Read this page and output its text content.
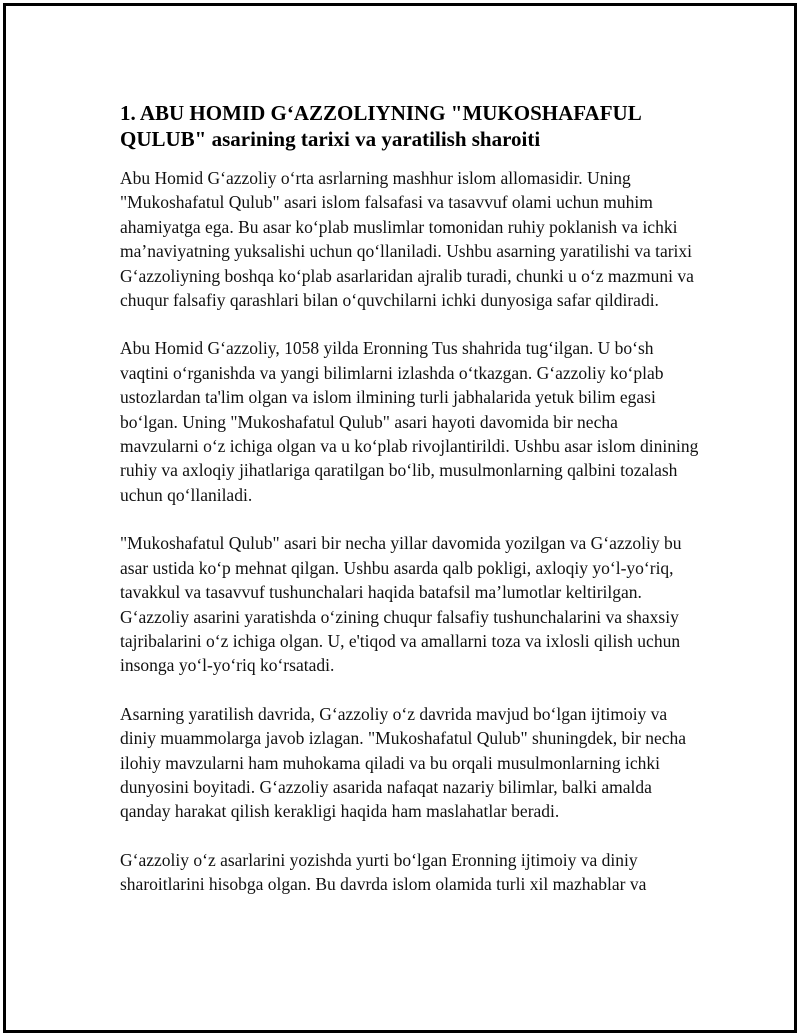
1. ABU HOMID G‘AZZOLIYNING "MUKOSHAFAFUL QULUB" asarining tarixi va yaratilish sharoiti

Abu Homid G‘azzoliy o‘rta asrlarning mashhur islom allomasidir. Uning "Mukoshafatul Qulub" asari islom falsafasi va tasavvuf olami uchun muhim ahamiyatga ega. Bu asar ko‘plab muslimlar tomonidan ruhiy poklanish va ichki ma’naviyatning yuksalishi uchun qo‘llaniladi. Ushbu asarning yaratilishi va tarixi G‘azzoliyning boshqa ko‘plab asarlaridan ajralib turadi, chunki u o‘z mazmuni va chuqur falsafiy qarashlari bilan o‘quvchilarni ichki dunyosiga safar qildiradi.

Abu Homid G‘azzoliy, 1058 yilda Eronning Tus shahrida tug‘ilgan. U bo‘sh vaqtini o‘rganishda va yangi bilimlarni izlashda o‘tkazgan. G‘azzoliy ko‘plab ustozlardan ta'lim olgan va islom ilmining turli jabhalarida yetuk bilim egasi bo‘lgan. Uning "Mukoshafatul Qulub" asari hayoti davomida bir necha mavzularni o‘z ichiga olgan va u ko‘plab rivojlantirildi. Ushbu asar islom dinining ruhiy va axloqiy jihatlariga qaratilgan bo‘lib, musulmonlarning qalbini tozalash uchun qo‘llaniladi.

"Mukoshafatul Qulub" asari bir necha yillar davomida yozilgan va G‘azzoliy bu asar ustida ko‘p mehnat qilgan. Ushbu asarda qalb pokligi, axloqiy yo‘l-yo‘riq, tavakkul va tasavvuf tushunchalari haqida batafsil ma’lumotlar keltirilgan. G‘azzoliy asarini yaratishda o‘zining chuqur falsafiy tushunchalarini va shaxsiy tajribalarini o‘z ichiga olgan. U, e'tiqod va amallarni toza va ixlosli qilish uchun insonga yo‘l-yo‘riq ko‘rsatadi.

Asarning yaratilish davrida, G‘azzoliy o‘z davrida mavjud bo‘lgan ijtimoiy va diniy muammolarga javob izlagan. "Mukoshafatul Qulub" shuningdek, bir necha ilohiy mavzularni ham muhokama qiladi va bu orqali musulmonlarning ichki dunyosini boyitadi. G‘azzoliy asarida nafaqat nazariy bilimlar, balki amalda qanday harakat qilish kerakligi haqida ham maslahatlar beradi.

G‘azzoliy o‘z asarlarini yozishda yurti bo‘lgan Eronning ijtimoiy va diniy sharoitlarini hisobga olgan. Bu davrda islom olamida turli xil mazhablar va
